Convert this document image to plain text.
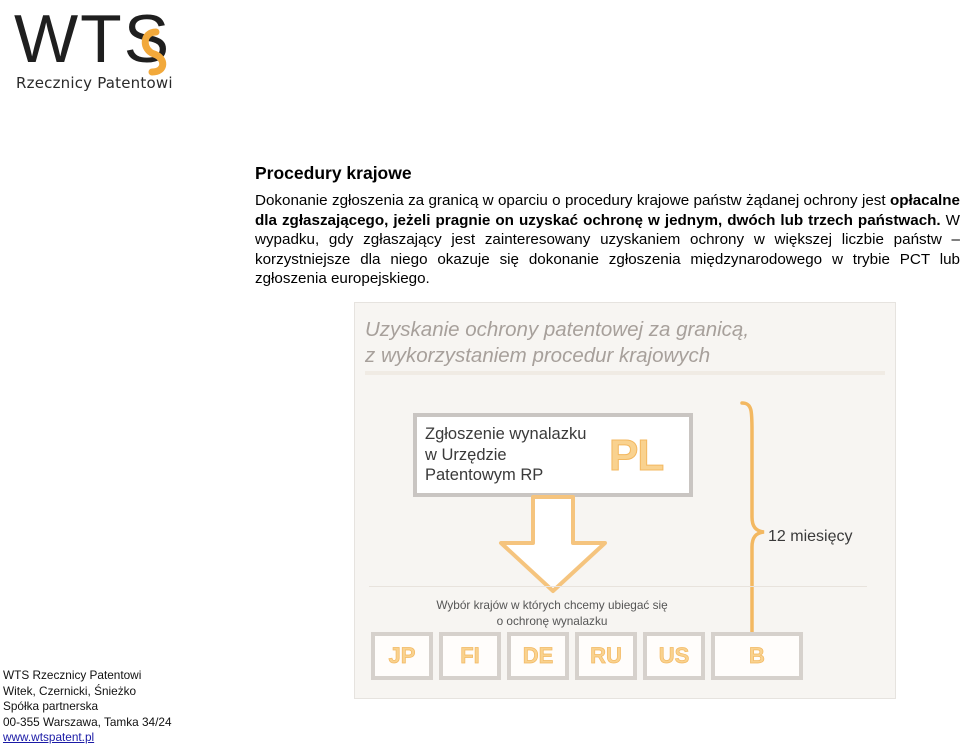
WTS
Rzecznicy Patentowi
Procedury krajowe

Dokonanie zgłoszenia za granicą w oparciu o procedury krajowe państw żądanej ochrony jest opłacalne dla zgłaszającego, jeżeli pragnie on uzyskać ochronę w jednym, dwóch lub trzech państwach. W wypadku, gdy zgłaszający jest zainteresowany uzyskaniem ochrony w większej liczbie państw – korzystniejsze dla niego okazuje się dokonanie zgłoszenia międzynarodowego w trybie PCT lub zgłoszenia europejskiego.

Uzyskanie ochrony patentowej za granicą,
z wykorzystaniem procedur krajowych

Zgłoszenie wynalazku
w Urzędzie
Patentowym RP	PL
12 miesięcy
Wybór krajów w których chcemy ubiegać się
o ochronę wynalazku
JP	FI	DE	RU	US	B
WTS Rzecznicy Patentowi
Witek, Czernicki, Śnieżko
Spółka partnerska
00-355 Warszawa, Tamka 34/24
www.wtspatent.pl
